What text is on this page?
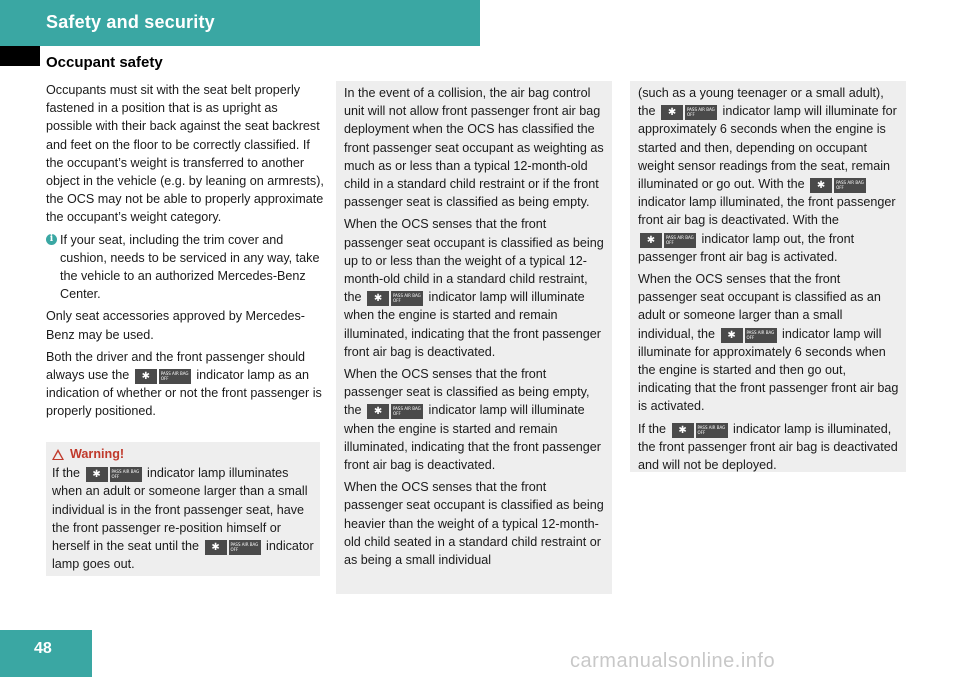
Safety and security
Occupant safety

Occupants must sit with the seat belt properly fastened in a position that is as upright as possible with their back against the seat backrest and feet on the floor to be correctly classified. If the occupant’s weight is transferred to another object in the vehicle (e.g. by leaning on armrests), the OCS may not be able to properly approximate the occupant’s weight category.

i If your seat, including the trim cover and cushion, needs to be serviced in any way, take the vehicle to an authorized Mercedes-Benz Center.

Only seat accessories approved by Mercedes-Benz may be used.

Both the driver and the front passenger should always use the ✱	PASS AIR BAG OFF indicator lamp as an indication of whether or not the front passenger is properly positioned.

Warning!

If the ✱	PASS AIR BAG OFF indicator lamp illuminates when an adult or someone larger than a small individual is in the front passenger seat, have the front passenger re-position himself or herself in the seat until the ✱	PASS AIR BAG OFF indicator lamp goes out.

In the event of a collision, the air bag control unit will not allow front passenger front air bag deployment when the OCS has classified the front passenger seat occupant as weighting as much as or less than a typical 12-month-old child in a standard child restraint or if the front passenger seat is classified as being empty.

When the OCS senses that the front passenger seat occupant is classified as being up to or less than the weight of a typical 12-month-old child in a standard child restraint, the ✱	PASS AIR BAG OFF indicator lamp will illuminate when the engine is started and remain illuminated, indicating that the front passenger front air bag is deactivated.

When the OCS senses that the front passenger seat is classified as being empty, the ✱	PASS AIR BAG OFF indicator lamp will illuminate when the engine is started and remain illuminated, indicating that the front passenger front air bag is deactivated.

When the OCS senses that the front passenger seat occupant is classified as being heavier than the weight of a typical 12-month-old child seated in a standard child restraint or as being a small individual

(such as a young teenager or a small adult), the ✱	PASS AIR BAG OFF indicator lamp will illuminate for approximately 6 seconds when the engine is started and then, depending on occupant weight sensor readings from the seat, remain illuminated or go out. With the ✱	PASS AIR BAG OFF indicator lamp illuminated, the front passenger front air bag is deactivated. With the ✱	PASS AIR BAG OFF indicator lamp out, the front passenger front air bag is activated.

When the OCS senses that the front passenger seat occupant is classified as an adult or someone larger than a small individual, the ✱	PASS AIR BAG OFF indicator lamp will illuminate for approximately 6 seconds when the engine is started and then go out, indicating that the front passenger front air bag is activated.

If the ✱	PASS AIR BAG OFF indicator lamp is illuminated, the front passenger front air bag is deactivated and will not be deployed.

48
carmanualsonline.info
